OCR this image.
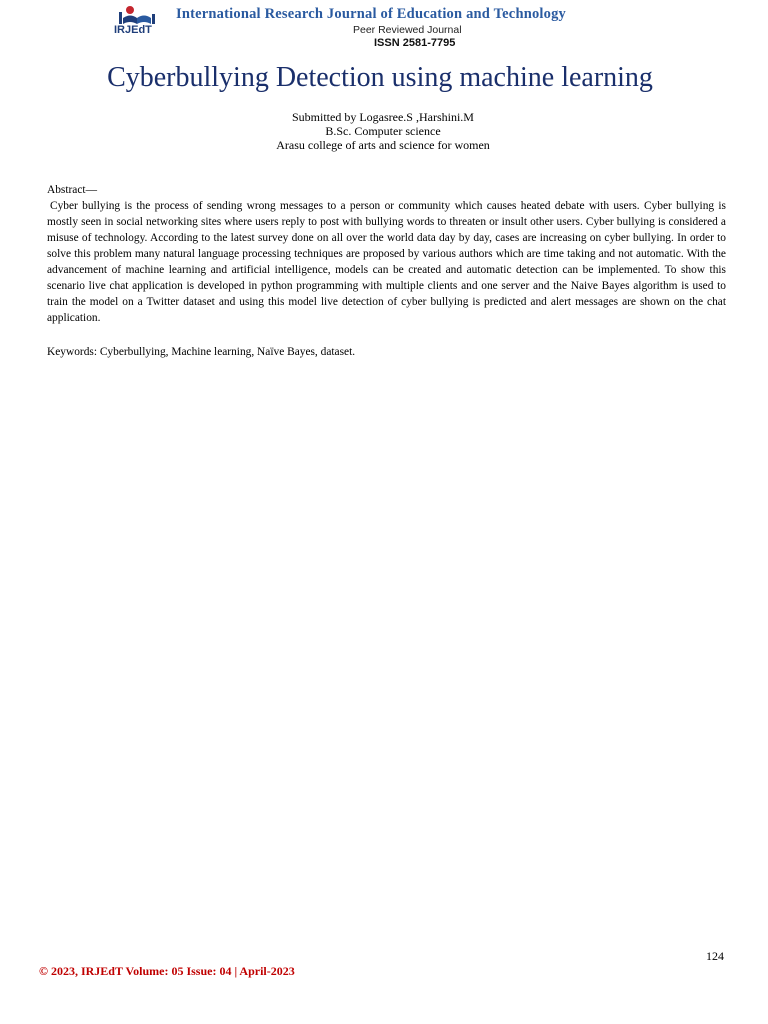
IRJEdT
International Research Journal of Education and Technology
Peer Reviewed Journal
ISSN 2581-7795
Cyberbullying Detection using machine learning
Submitted by Logasree.S ,Harshini.M
B.Sc. Computer science
Arasu college of arts and science for women
Abstract—
Cyber bullying is the process of sending wrong messages to a person or community which causes heated debate with users. Cyber bullying is mostly seen in social networking sites where users reply to post with bullying words to threaten or insult other users. Cyber bullying is considered a misuse of technology. According to the latest survey done on all over the world data day by day, cases are increasing on cyber bullying. In order to solve this problem many natural language processing techniques are proposed by various authors which are time taking and not automatic. With the advancement of machine learning and artificial intelligence, models can be created and automatic detection can be implemented. To show this scenario live chat application is developed in python programming with multiple clients and one server and the Naive Bayes algorithm is used to train the model on a Twitter dataset and using this model live detection of cyber bullying is predicted and alert messages are shown on the chat application.
Keywords: Cyberbullying, Machine learning, Naïve Bayes, dataset.
124
© 2023, IRJEdT Volume: 05 Issue: 04 | April-2023
